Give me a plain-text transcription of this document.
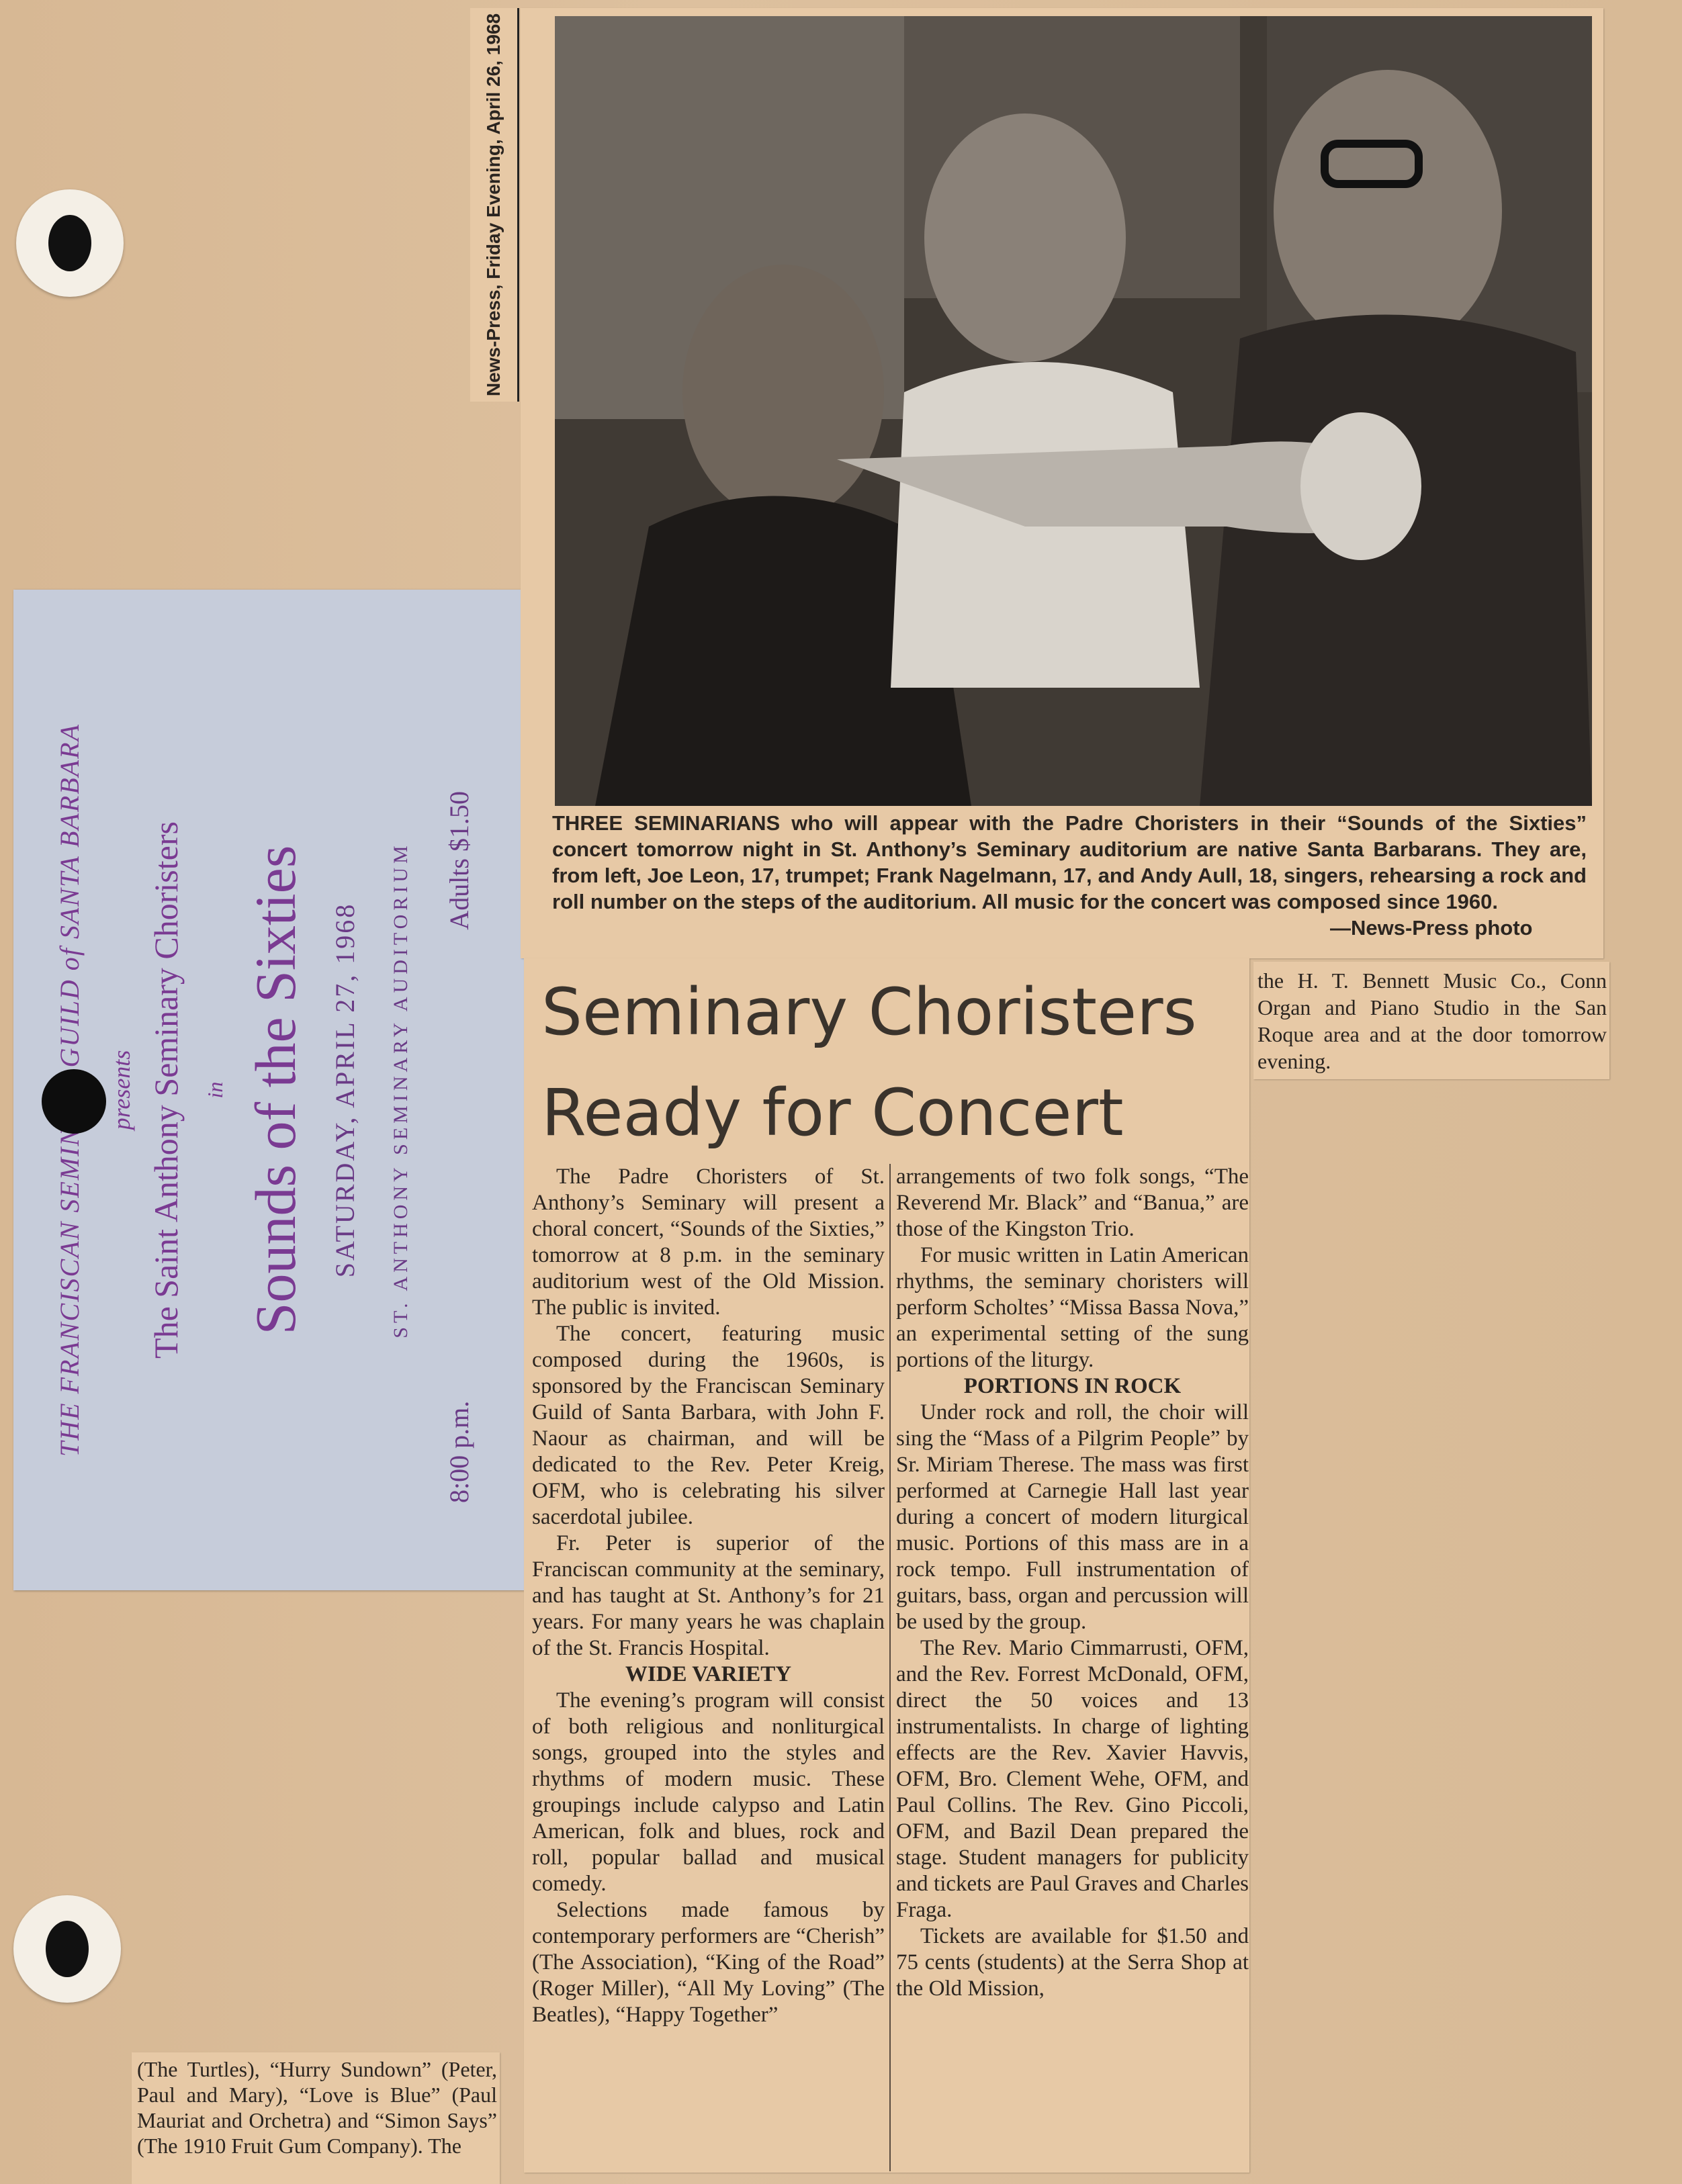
presents The Saint Anthony Seminary Choristers in Sounds of the Sixties SATURDAY, APRIL 27, 1968 ST. ANTHONY SEMINARY AUDITORIUM
8:00 p.m.
Adults $1.50
News-Press, Friday Evening, April 26, 1968
THREE SEMINARIANS who will appear with the Padre Choristers in their “Sounds of the Sixties” concert tomorrow night in St. Anthony’s Seminary auditorium are native Santa Barbarans. They are, from left, Joe Leon, 17, trumpet; Frank Nagelmann, 17, and Andy Aull, 18, singers, rehearsing a rock and roll number on the steps of the auditorium. All music for the concert was composed since 1960.
—News-Press photo
Seminary Choristers
Ready for Concert

The Padre Choristers of St. Anthony’s Seminary will present a choral concert, “Sounds of the Sixties,” tomorrow at 8 p.m. in the seminary auditorium west of the Old Mission. The public is invited.

The concert, featuring music composed during the 1960s, is sponsored by the Franciscan Seminary Guild of Santa Barbara, with John F. Naour as chairman, and will be dedicated to the Rev. Peter Kreig, OFM, who is celebrating his silver sacerdotal jubilee.

Fr. Peter is superior of the Franciscan community at the seminary, and has taught at St. Anthony’s for 21 years. For many years he was chaplain of the St. Francis Hospital.

WIDE VARIETY

The evening’s program will consist of both religious and nonliturgical songs, grouped into the styles and rhythms of modern music. These groupings include calypso and Latin American, folk and blues, rock and roll, popular ballad and musical comedy.

Selections made famous by contemporary performers are “Cherish” (The Association), “King of the Road” (Roger Miller), “All My Loving” (The Beatles), “Happy Together”

arrangements of two folk songs, “The Reverend Mr. Black” and “Banua,” are those of the Kingston Trio.

For music written in Latin American rhythms, the seminary choristers will perform Scholtes’ “Missa Bassa Nova,” an experimental setting of the sung portions of the liturgy.

PORTIONS IN ROCK

Under rock and roll, the choir will sing the “Mass of a Pilgrim People” by Sr. Miriam Therese. The mass was first performed at Carnegie Hall last year during a concert of modern liturgical music. Portions of this mass are in a rock tempo. Full instrumentation of guitars, bass, organ and percussion will be used by the group.

The Rev. Mario Cimmarrusti, OFM, and the Rev. Forrest McDonald, OFM, direct the 50 voices and 13 instrumentalists. In charge of lighting effects are the Rev. Xavier Havvis, OFM, Bro. Clement Wehe, OFM, and Paul Collins. The Rev. Gino Piccoli, OFM, and Bazil Dean prepared the stage. Student managers for publicity and tickets are Paul Graves and Charles Fraga.

Tickets are available for $1.50 and 75 cents (students) at the Serra Shop at the Old Mission,

the H. T. Bennett Music Co., Conn Organ and Piano Studio in the San Roque area and at the door tomorrow evening.
(The Turtles), “Hurry Sundown” (Peter, Paul and Mary), “Love is Blue” (Paul Mauriat and Orchetra) and “Simon Says” (The 1910 Fruit Gum Company). The
